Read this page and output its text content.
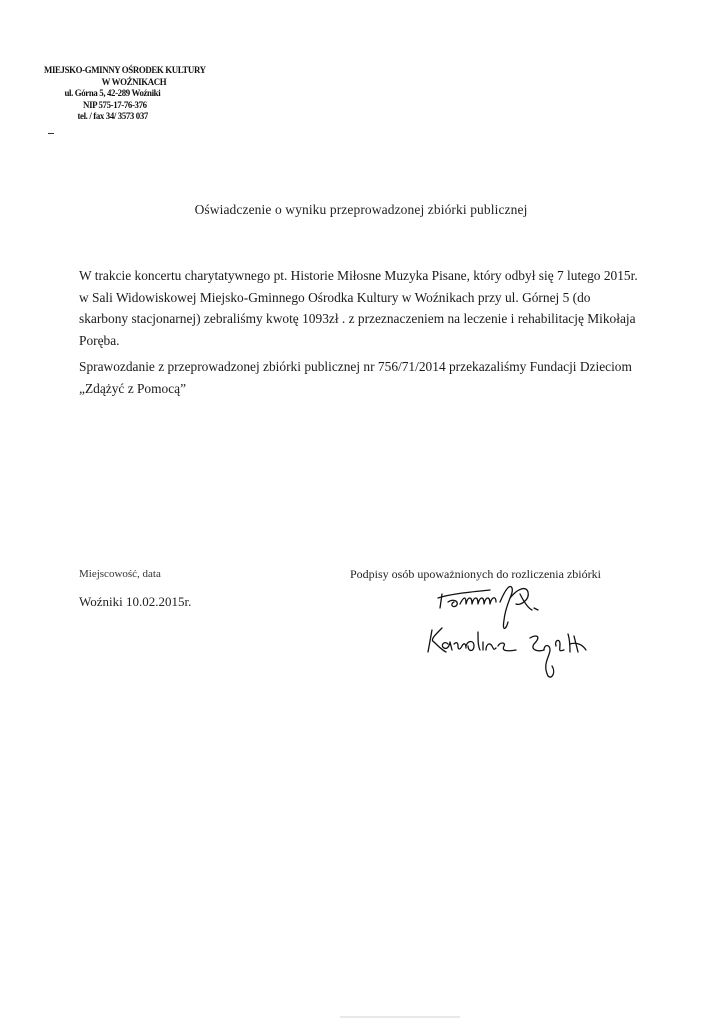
MIEJSKO-GMINNY OŚRODEK KULTURY
W WOŹNIKACH
ul. Górna 5, 42-289 Woźniki
NIP 575-17-76-376
tel. / fax 34/ 3573 037
Oświadczenie o wyniku przeprowadzonej zbiórki publicznej

W trakcie koncertu charytatywnego pt. Historie Miłosne Muzyka Pisane, który odbył się 7 lutego 2015r. w Sali Widowiskowej Miejsko-Gminnego Ośrodka Kultury w Woźnikach przy ul. Górnej 5 (do skarbony stacjonarnej) zebraliśmy kwotę 1093zł . z przeznaczeniem na leczenie i rehabilitację Mikołaja Poręba.

Sprawozdanie z przeprowadzonej zbiórki publicznej nr 756/71/2014 przekazaliśmy Fundacji Dzieciom „Zdążyć z Pomocą”

Miejscowość, data
Woźniki 10.02.2015r.
Podpisy osób upoważnionych do rozliczenia zbiórki
